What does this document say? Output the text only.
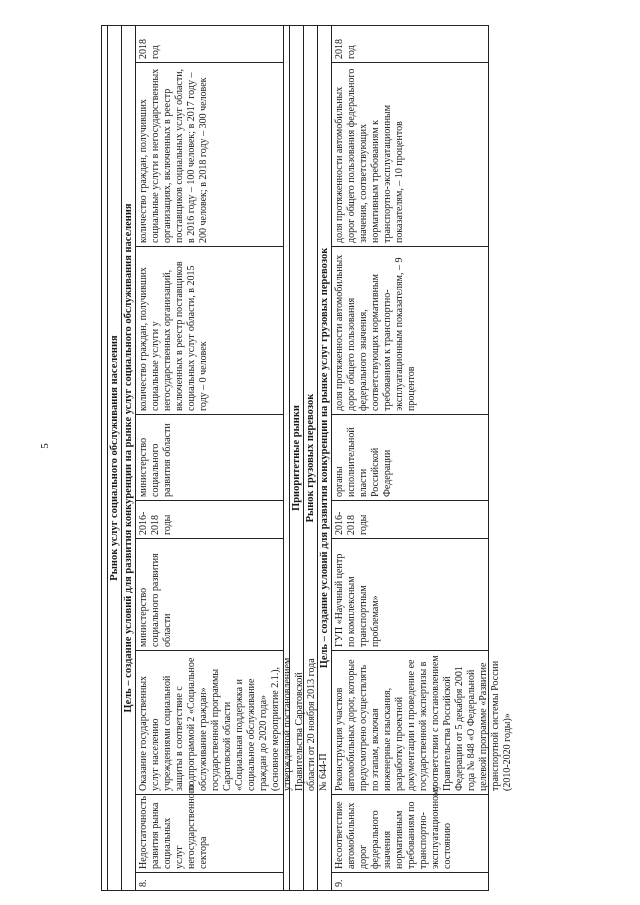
5	Рынок услуг социального обслуживания населения Цель – создание условий для развития конкуренции на рынке услуг социального обслуживания населения
8.
Недостаточность развития рынка социальных услуг негосударственного сектора
Оказание государственных услуг населению учреждениями социальной защиты в соответствие с подпрограммой 2 «Социальное обслуживание граждан» государственной программы Саратовской области «Социальная поддержка и социальное обслуживание граждан до 2020 года» (основное мероприятие 2.1.), утвержденной постановлением Правительства Саратовской области от 20 ноября 2013 года № 644-П
министерство социального развития области
2016-2018 годы
министерство социального развития области
количество граждан, получивших социальные услуги у негосударственных организаций, включенных в реестр поставщиков социальных услуг области, в 2015 году – 0 человек
количество граждан, получивших социальные услуги в негосударственных организациях, включенных в реестр поставщиков социальных услуг области, в 2016 году – 100 человек; в 2017 году – 200 человек; в 2018 году – 300 человек
2018 год
Приоритетные рынки Рынок грузовых перевозок Цель – создание условий для развития конкуренции на рынке услуг грузовых перевозок
9.
Несоответствие автомобильных дорог федерального значения нормативным требованиям по транспортно-эксплуатационному состоянию
Реконструкция участков автомобильных дорог, которые предусмотрено осуществлять по этапам, включая инженерные изыскания, разработку проектной документации и проведение ее государственной экспертизы в соответствии с постановлением Правительства Российской Федерации от 5 декабря 2001 года № 848 «О Федеральной целевой программе «Развитие транспортной системы России (2010-2020 годы)»
ГУП «Научный центр по комплексным транспортным проблемам»
2016-2018 годы
органы исполнительной власти Российской Федерации
доля протяженности автомобильных дорог общего пользования федерального значения, соответствующих нормативным требованиям к транспортно-эксплуатационным показателям, – 9 процентов
доля протяженности автомобильных дорог общего пользования федерального значения, соответствующих нормативным требованиям к транспортно-эксплуатационным показателям, – 10 процентов
2018 год
